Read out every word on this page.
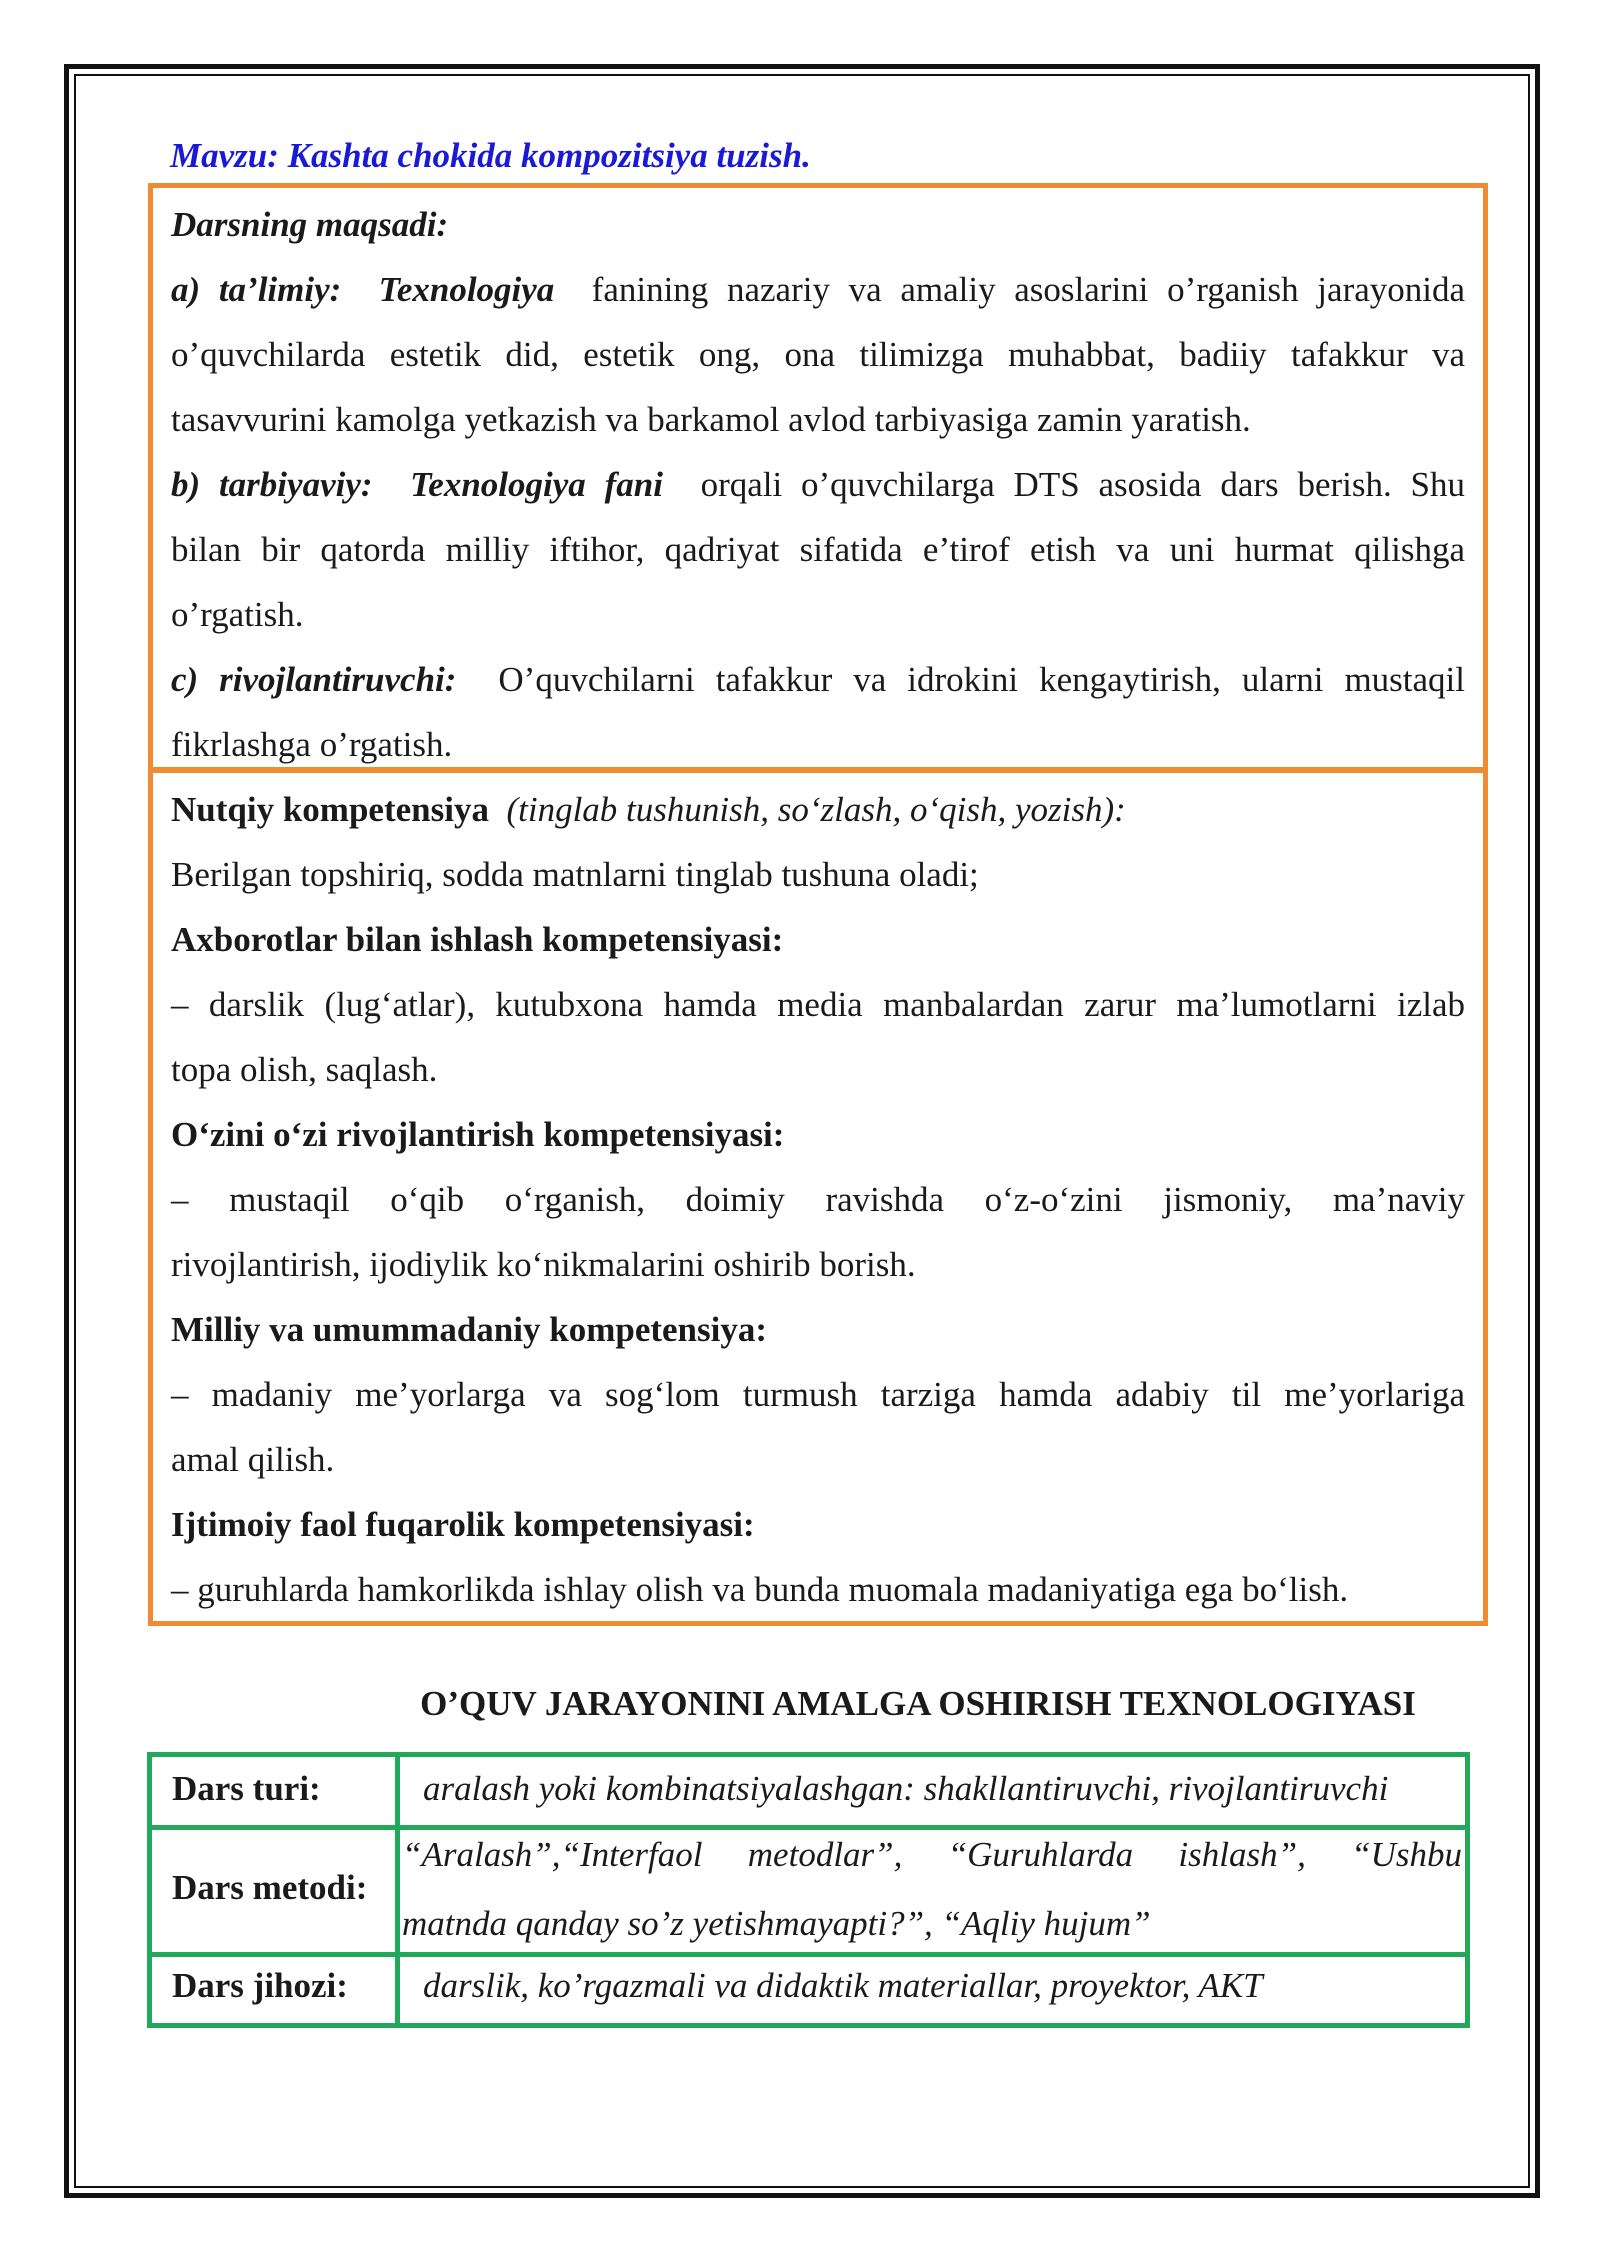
Mavzu: Kashta chokida kompozitsiya tuzish.
Darsning maqsadi:
a) ta’limiy: Texnologiya fanining nazariy va amaliy asoslarini o’rganish jarayonida
o’quvchilarda estetik did, estetik ong, ona tilimizga muhabbat, badiiy tafakkur va
tasavvurini kamolga yetkazish va barkamol avlod tarbiyasiga zamin yaratish.
b) tarbiyaviy: Texnologiya fani orqali o’quvchilarga DTS asosida dars berish. Shu
bilan bir qatorda milliy iftihor, qadriyat sifatida e’tirof etish va uni hurmat qilishga
o’rgatish.
c) rivojlantiruvchi: O’quvchilarni tafakkur va idrokini kengaytirish, ularni mustaqil
fikrlashga o’rgatish.
Nutqiy kompetensiya (tinglab tushunish, so‘zlash, o‘qish, yozish):
Berilgan topshiriq, sodda matnlarni tinglab tushuna oladi;
Axborotlar bilan ishlash kompetensiyasi:
– darslik (lug‘atlar), kutubxona hamda media manbalardan zarur ma’lumotlarni izlab
topa olish, saqlash.
O‘zini o‘zi rivojlantirish kompetensiyasi:
– mustaqil o‘qib o‘rganish, doimiy ravishda o‘z-o‘zini jismoniy, ma’naviy
rivojlantirish, ijodiylik ko‘nikmalarini oshirib borish.
Milliy va umummadaniy kompetensiya:
– madaniy me’yorlarga va sog‘lom turmush tarziga hamda adabiy til me’yorlariga
amal qilish.
Ijtimoiy faol fuqarolik kompetensiyasi:
– guruhlarda hamkorlikda ishlay olish va bunda muomala madaniyatiga ega bo‘lish.
O’QUV JARAYONINI AMALGA OSHIRISH TEXNOLOGIYASI
Dars turi:	aralash yoki kombinatsiyalashgan: shakllantiruvchi, rivojlantiruvchi
Dars metodi:
“Aralash”,“Interfaol metodlar”, “Guruhlarda ishlash”, “Ushbu
matnda qanday so’z yetishmayapti?”, “Aqliy hujum”
Dars jihozi: darslik, ko’rgazmali va didaktik materiallar, proyektor, AKT
